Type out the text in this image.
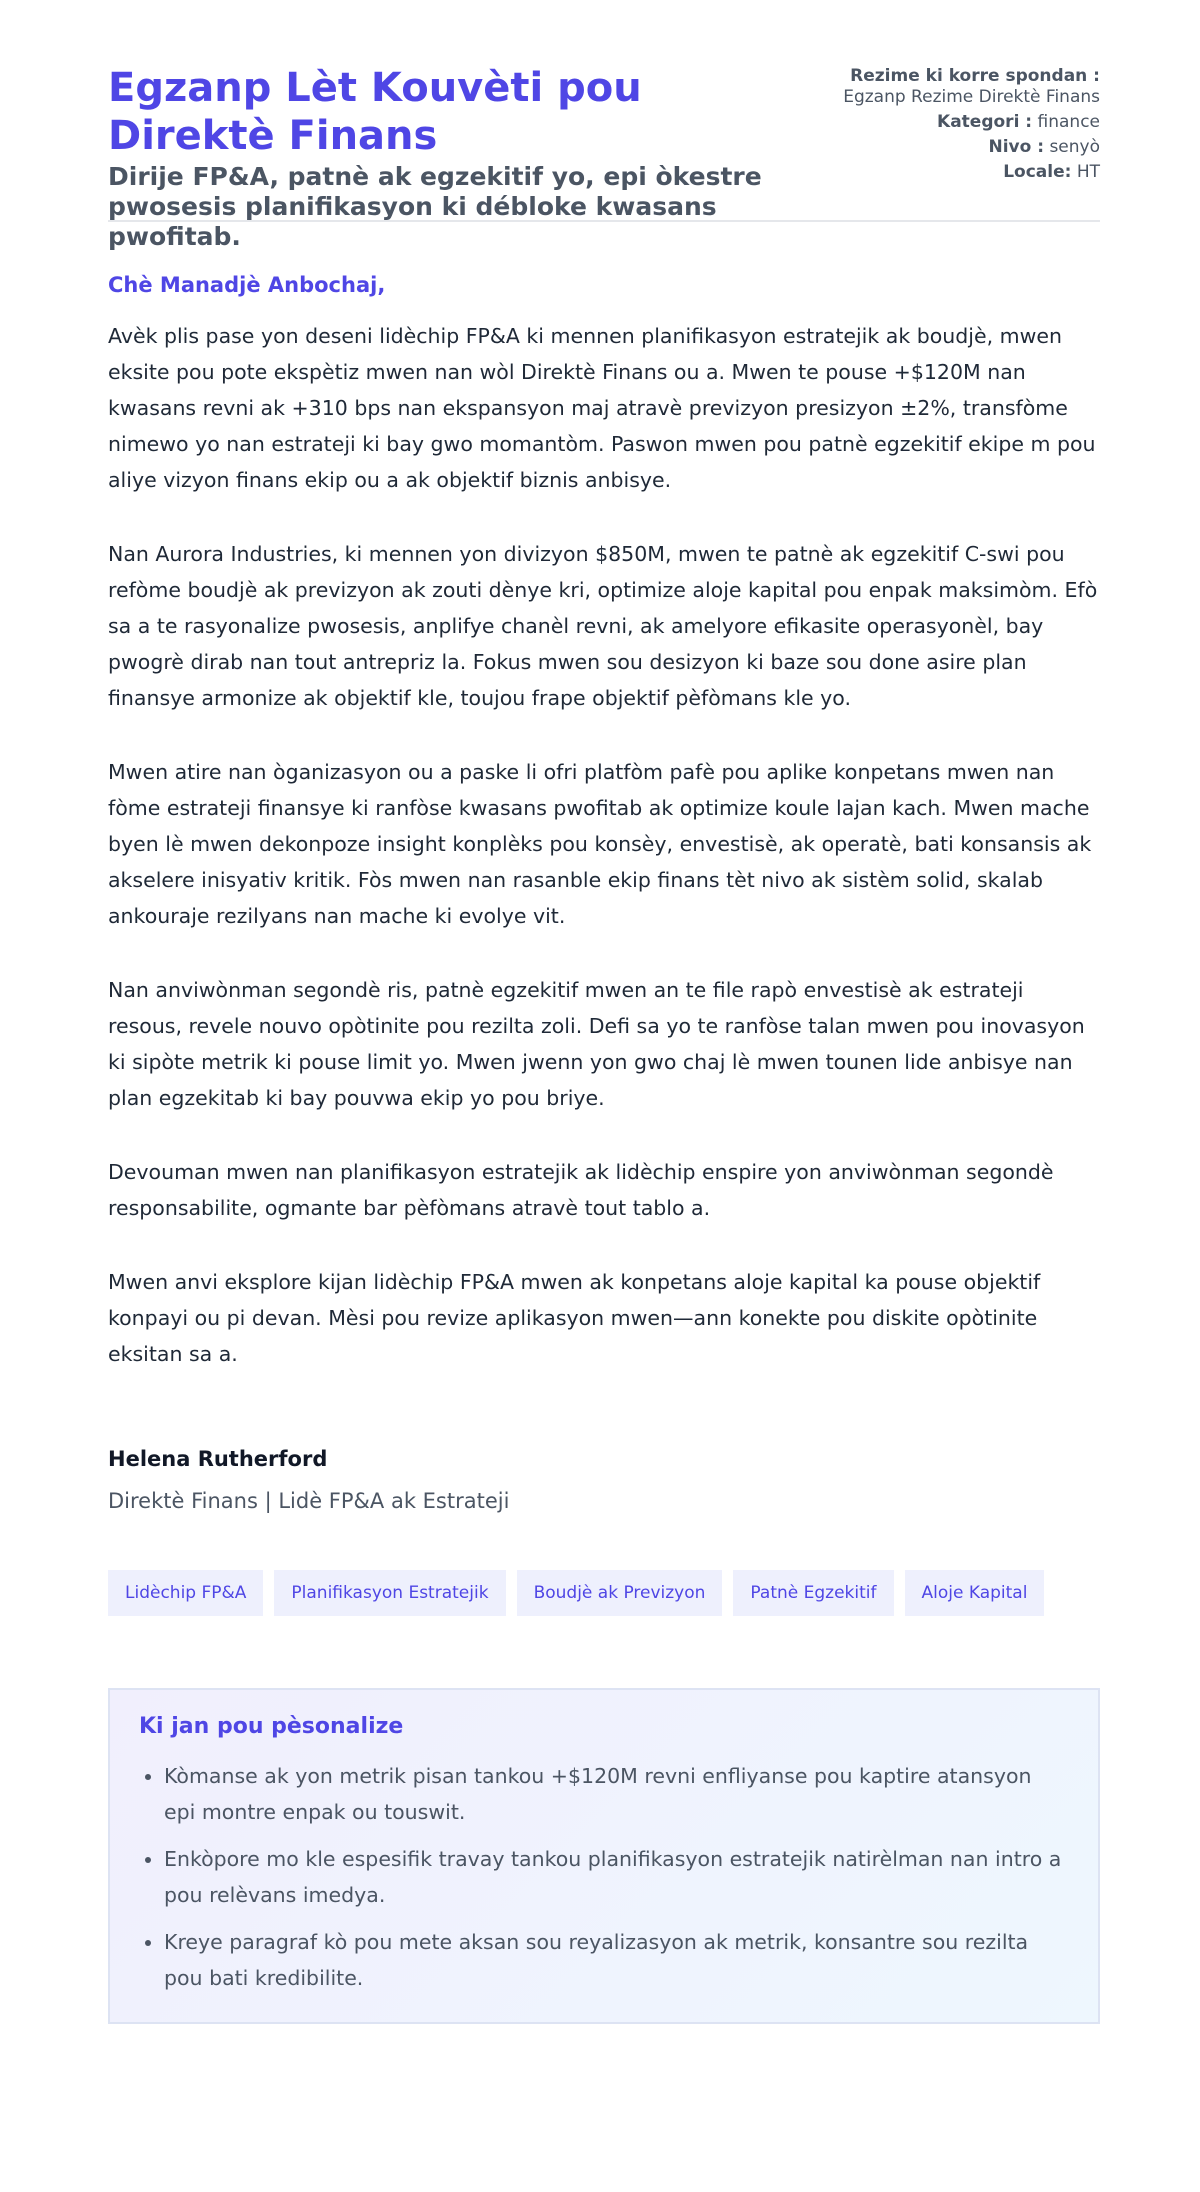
Egzanp Lèt Kouvèti pou Direktè Finans
Dirije FP&A, patnè ak egzekitif yo, epi òkestre pwosesis planifikasyon ki débloke kwasans pwofitab.
Rezime ki korre spondan :
Egzanp Rezime Direktè Finans
Kategori : finance
Nivo : senyò
Locale: HT
Chè Manadjè Anbochaj,

Avèk plis pase yon deseni lidèchip FP&A ki mennen planifikasyon estratejik ak boudjè, mwen eksite pou pote ekspètiz mwen nan wòl Direktè Finans ou a. Mwen te pouse +$120M nan kwasans revni ak +310 bps nan ekspansyon maj atravè previzyon presizyon ±2%, transfòme nimewo yo nan estrateji ki bay gwo momantòm. Paswon mwen pou patnè egzekitif ekipe m pou aliye vizyon finans ekip ou a ak objektif biznis anbisye.

Nan Aurora Industries, ki mennen yon divizyon $850M, mwen te patnè ak egzekitif C-swi pou refòme boudjè ak previzyon ak zouti dènye kri, optimize aloje kapital pou enpak maksimòm. Efò sa a te rasyonalize pwosesis, anplifye chanèl revni, ak amelyore efikasite operasyonèl, bay pwogrè dirab nan tout antrepriz la. Fokus mwen sou desizyon ki baze sou done asire plan finansye armonize ak objektif kle, toujou frape objektif pèfòmans kle yo.

Mwen atire nan òganizasyon ou a paske li ofri platfòm pafè pou aplike konpetans mwen nan fòme estrateji finansye ki ranfòse kwasans pwofitab ak optimize koule lajan kach. Mwen mache byen lè mwen dekonpoze insight konplèks pou konsèy, envestisè, ak operatè, bati konsansis ak akselere inisyativ kritik. Fòs mwen nan rasanble ekip finans tèt nivo ak sistèm solid, skalab ankouraje rezilyans nan mache ki evolye vit.

Nan anviwònman segondè ris, patnè egzekitif mwen an te file rapò envestisè ak estrateji resous, revele nouvo opòtinite pou rezilta zoli. Defi sa yo te ranfòse talan mwen pou inovasyon ki sipòte metrik ki pouse limit yo. Mwen jwenn yon gwo chaj lè mwen tounen lide anbisye nan plan egzekitab ki bay pouvwa ekip yo pou briye.

Devouman mwen nan planifikasyon estratejik ak lidèchip enspire yon anviwònman segondè responsabilite, ogmante bar pèfòmans atravè tout tablo a.

Mwen anvi eksplore kijan lidèchip FP&A mwen ak konpetans aloje kapital ka pouse objektif konpayi ou pi devan. Mèsi pou revize aplikasyon mwen—ann konekte pou diskite opòtinite eksitan sa a.

Helena Rutherford
Direktè Finans | Lidè FP&A ak Estrateji
Lidèchip FP&A	Planifikasyon Estratejik	Boudjè ak Previzyon	Patnè Egzekitif	Aloje Kapital
Ki jan pou pèsonalize
• Kòmanse ak yon metrik pisan tankou +$120M revni enfliyanse pou kaptire atansyon epi montre enpak ou touswit.
• Enkòpore mo kle espesifik travay tankou planifikasyon estratejik natirèlman nan intro a pou relèvans imedya.
• Kreye paragraf kò pou mete aksan sou reyalizasyon ak metrik, konsantre sou rezilta pou bati kredibilite.
